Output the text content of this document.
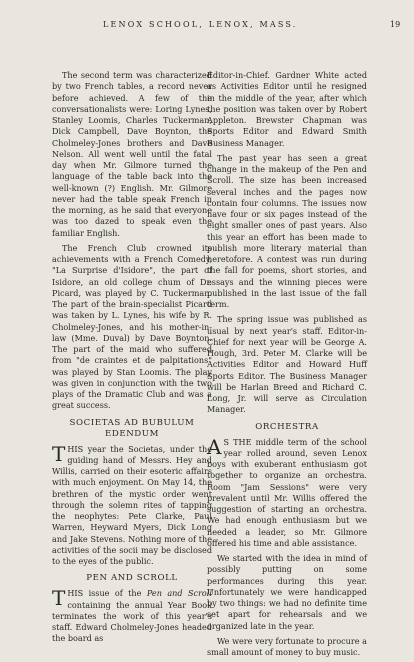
LENOX SCHOOL, LENOX, MASS.	19

The second term was characterized by two French tables, a record never before achieved. A few of the conversationalists were: Loring Lynes, Stanley Loomis, Charles Tuckerman, Dick Campbell, Dave Boynton, the Cholmeley-Jones brothers and Dave Nelson. All went well until the fatal day when Mr. Gilmore turned the language of the table back into the well-known (?) English. Mr. Gilmore never had the table speak French in the morning, as he said that everyone was too dazed to speak even the familiar English.

The French Club crowned its achievements with a French Comedy, "La Surprise d'Isidore", the part of Isidore, an old college chum of Dr. Picard, was played by C. Tuckerman. The part of the brain-specialist Picard was taken by L. Lynes, his wife by R. Cholmeley-Jones, and his mother-in-law (Mme. Duval) by Dave Boynton. The part of the maid who suffered from "de craintes et de palpitations" was played by Stan Loomis. The play was given in conjunction with the two plays of the Dramatic Club and was a great success.

SOCIETAS AD BUBULUM
EDENDUM

THIS year the Societas, under the guiding hand of Messrs. Hey and Willis, carried on their esoteric affairs with much enjoyment. On May 14, the brethren of the mystic order went through the solemn rites of tapping the neophytes: Pete Clarke, Paul Warren, Heyward Myers, Dick Long and Jake Stevens. Nothing more of the activities of the socii may be disclosed to the eyes of the public.

PEN AND SCROLL

THIS issue of the Pen and Scroll containing the annual Year Book terminates the work of this year's staff. Edward Cholmeley-Jones headed the board as

Editor-in-Chief. Gardner White acted as Activities Editor until he resigned in the middle of the year, after which the position was taken over by Robert Appleton. Brewster Chapman was Sports Editor and Edward Smith Business Manager.

The past year has seen a great change in the makeup of the Pen and Scroll. The size has been increased several inches and the pages now contain four columns. The issues now have four or six pages instead of the eight smaller ones of past years. Also this year an effort has been made to publish more literary material than heretofore. A contest was run during the fall for poems, short stories, and essays and the winning pieces were published in the last issue of the fall term.

The spring issue was published as usual by next year's staff. Editor-in-Chief for next year will be George A. Hough, 3rd. Peter M. Clarke will be Activities Editor and Howard Huff Sports Editor. The Business Manager will be Harlan Breed and Richard C. Long, Jr. will serve as Circulation Manager.

ORCHESTRA

A S THE middle term of the school year rolled around, seven Lenox boys with exuberant enthusiasm got together to organize an orchestra. Room "Jam Sessions" were very prevalent until Mr. Willis offered the suggestion of starting an orchestra. We had enough enthusiasm but we needed a leader, so Mr. Gilmore offered his time and able assistance.

We started with the idea in mind of possibly putting on some performances during this year. Unfortunately we were handicapped by two things: we had no definite time set apart for rehearsals and we organized late in the year.

We were very fortunate to procure a small amount of money to buy music.
